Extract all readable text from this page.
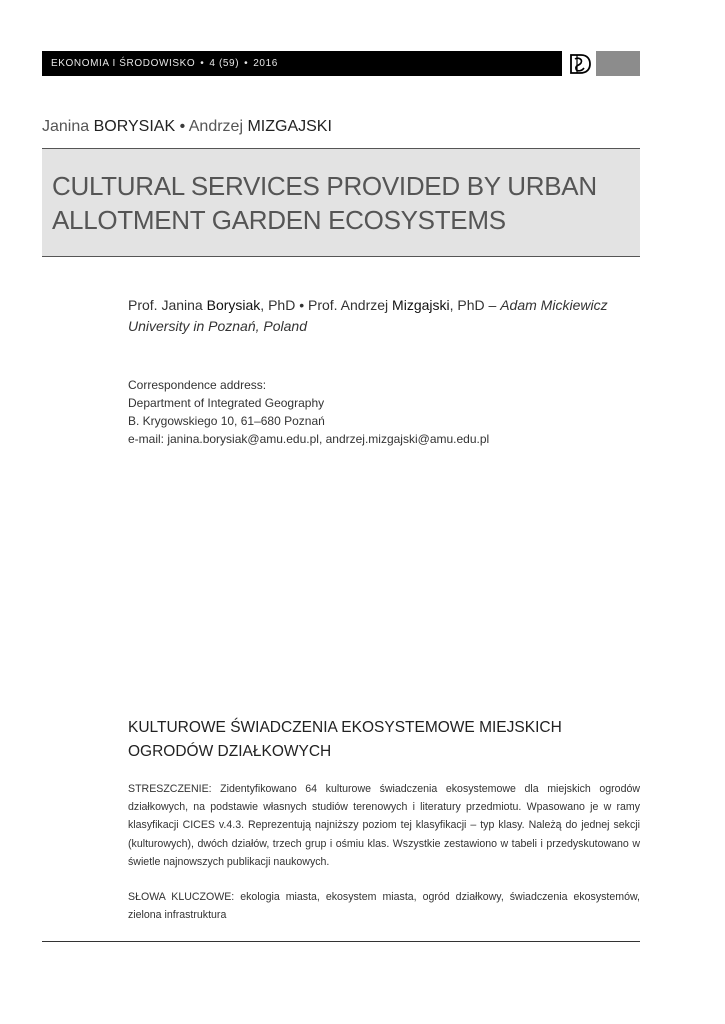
EKONOMIA I ŚRODOWISKO • 4 (59) • 2016
Janina BORYSIAK • Andrzej MIZGAJSKI
CULTURAL SERVICES PROVIDED BY URBAN
ALLOTMENT GARDEN ECOSYSTEMS
Prof. Janina Borysiak, PhD • Prof. Andrzej Mizgajski, PhD – Adam Mickiewicz University in Poznań, Poland
Correspondence address:
Department of Integrated Geography
B. Krygowskiego 10, 61–680 Poznań
e-mail: janina.borysiak@amu.edu.pl, andrzej.mizgajski@amu.edu.pl
KULTUROWE ŚWIADCZENIA EKOSYSTEMOWE MIEJSKICH OGRODÓW DZIAŁKOWYCH
STRESZCZENIE: Zidentyfikowano 64 kulturowe świadczenia ekosystemowe dla miejskich ogrodów działkowych, na podstawie własnych studiów terenowych i literatury przedmiotu. Wpasowano je w ramy klasyfikacji CICES v.4.3. Reprezentują najniższy poziom tej klasyfikacji – typ klasy. Należą do jednej sekcji (kulturowych), dwóch działów, trzech grup i ośmiu klas. Wszystkie zestawiono w tabeli i przedyskutowano w świetle najnowszych publikacji naukowych.
SŁOWA KLUCZOWE: ekologia miasta, ekosystem miasta, ogród działkowy, świadczenia ekosystemów, zielona infrastruktura
